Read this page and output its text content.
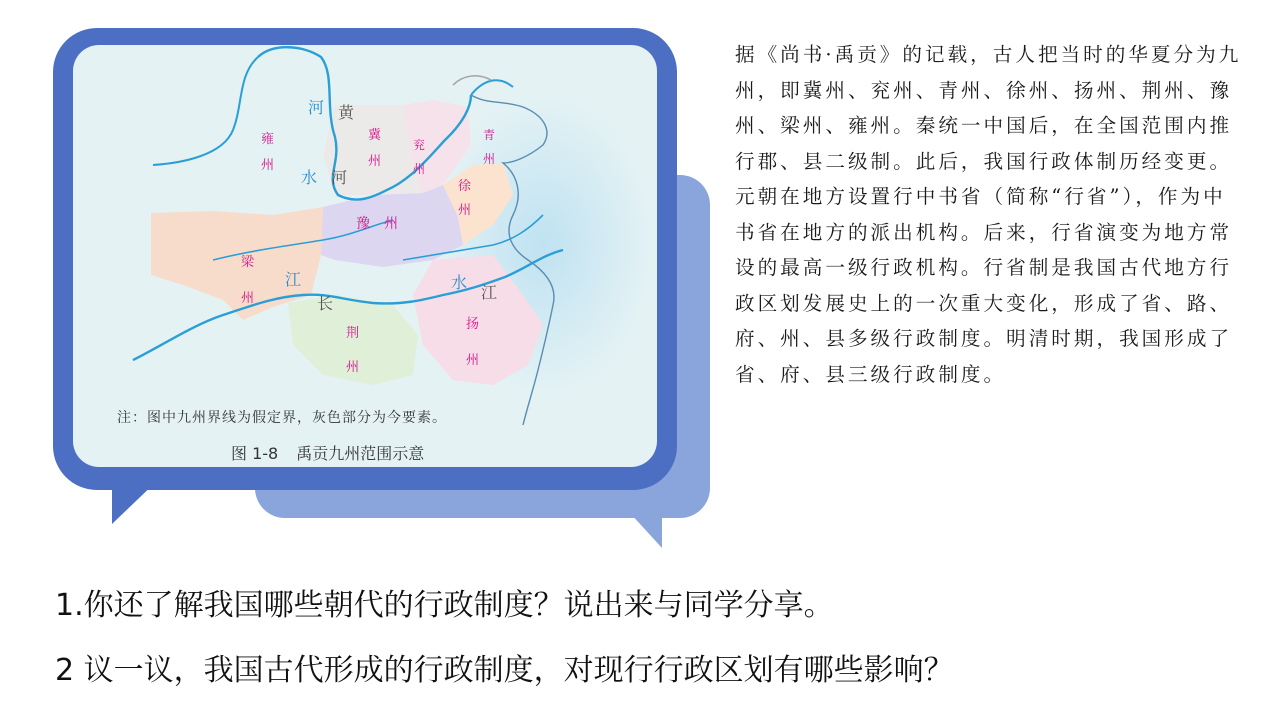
雍
州
冀
州
兖
州
青
州
徐
州
豫　州
梁
州
荆
州
扬
州
河 黄
水 河
江
长
水
江

注：图中九州界线为假定界，灰色部分为今要素。

图 1-8 禹贡九州范围示意

据《尚书·禹贡》的记载，古人把当时的华夏分为九州，即冀州、兖州、青州、徐州、扬州、荆州、豫州、梁州、雍州。秦统一中国后，在全国范围内推行郡、县二级制。此后，我国行政体制历经变更。元朝在地方设置行中书省（简称“行省”），作为中书省在地方的派出机构。后来，行省演变为地方常设的最高一级行政机构。行省制是我国古代地方行政区划发展史上的一次重大变化，形成了省、路、府、州、县多级行政制度。明清时期，我国形成了省、府、县三级行政制度。

1.你还了解我国哪些朝代的行政制度？说出来与同学分享。

2 议一议，我国古代形成的行政制度，对现行行政区划有哪些影响？
